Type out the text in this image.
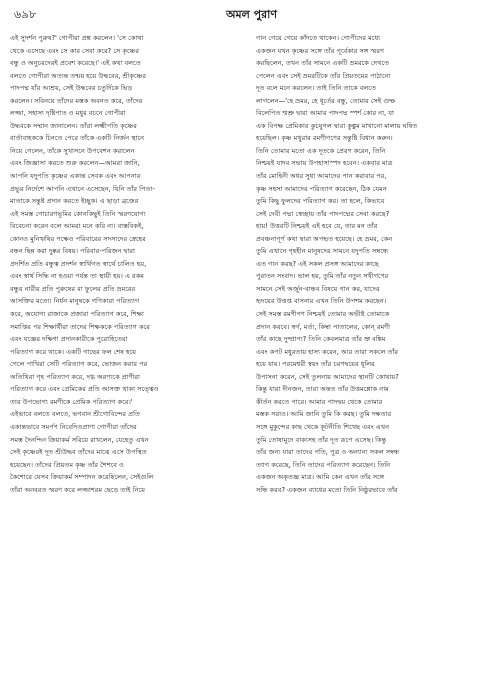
৬৯৮	অমল পুরাণ
এই সুদর্শন পুরুষ?' গোপীরা প্রশ্ন করলেন। 'সে কোথা
থেকে এসেছে এবং সে কার সেবা করে? সে কৃষ্ণের
বন্ধু ও অনুচরদেরই প্রবেশ করেছে।' এই কথা বলতে
বলতে গোপীরা অত্যন্ত তন্ময় হয়ে উদ্ধবের, শ্রীকৃষ্ণের
পাদপদ্ম যাঁর আশ্রয়, সেই উদ্ধবের চতুর্দিকে ভিড়
করলেন। সবিনয়ে তাঁদের মস্তক অবনত করে, তাঁদের
লজ্জা, সহাস্য দৃষ্টিপাত ও মধুর বচনে গোপীরা
উদ্ধবকে সম্মান জানালেন। তাঁরা লক্ষ্মীপতি কৃষ্ণের
বার্তাবাহককে চিনতে পেরে তাঁকে একটি নির্জন স্থানে
নিয়ে গেলেন, তাঁকে সুখাসনে উপবেশন করালেন
এবং জিজ্ঞাসা করতে শুরু করলেন—আমরা জানি,
আপনি যদুপতি কৃষ্ণের একান্ত সেবক এবং আপনার
প্রভুর নির্দেশে আপনি এখানে এসেছেন, যিনি তাঁর পিতা-
মাতাকে সন্তুষ্ট প্রদান করতে ইচ্ছুক। এ ছাড়া ব্রজের
এই সমস্ত গোচারণভূমির কোনকিছুই তিনি স্মরণযোগ্য
বিবেচনা করেন বলে আমরা মনে করি না। বাস্তবিকই,
কোনও মুনিঋষির পক্ষেও পরিবারের সদস্যদের স্নেহের
বন্ধন ছিন্ন করা দুষ্কর বিষয়। পরিবার-পরিজন দ্বারা
প্রদর্শিত প্রতি বন্ধুত্ব প্রদর্শন স্বার্থিগত স্বার্থে চালিত হয়,
এবং স্বার্থ সিদ্ধি না হওয়া পর্যন্ত তা স্থায়ী হয়। এ রকম
বন্ধুর নারীর প্রতি পুরুষের বা ফুলের প্রতি ভ্রমরের
আসক্তির মতো। নির্ধন মানুষকে গণিকারা পরিত্যাগ
করে, অযোগ্য রাজাকে প্রজারা পরিত্যাগ করে, শিক্ষা
সমাপ্তির পর শিক্ষার্থীরা তাদের শিক্ষককে পরিত্যাগ করে
এবং যজ্ঞের দক্ষিণা প্রদানকারীকে পুরোহিতেরা
পরিত্যাগ করে থাকে। একটি গাছের ফল শেষ হয়ে
গেলে পাখিরা সেটি পরিত্যাগ করে, ভোজন করার পর
অতিথিরা গৃহ পরিত্যাগ করে, দগ্ধ অরণ্যকে প্রাণীরা
পরিত্যাগ করে এবং প্রেমিকের প্রতি আসক্ত থাকা সত্ত্বেও
তার উপভোগ্য রমণীকে প্রেমিক পরিত্যাগ করে।'
এইভাবে বলতে বলতে, ভগবান শ্রীগোবিন্দের প্রতি
একান্তভাবে সমর্পণ নিবেদিতপ্রাণা গোপীরা তাঁদের
সমস্ত দৈনন্দিন ক্রিয়াকর্ম সরিয়ে রাখলেন, যেহেতু এখন
সেই কৃষ্ণেরই দূত শ্রীউদ্ধব তাঁদের মাঝে এসে উপস্থিত
হয়েছেন। তাঁদের প্রিয়তম কৃষ্ণ তাঁর শৈশবে ও
কৈশোরে যেসব ক্রিয়াকর্ম সম্পাদন করেছিলেন, সেইগুলি
তাঁরা অনবরত স্মরণ করে লজ্জাশরম ছেড়ে তাই নিয়ে
গান গেয়ে গেয়ে কাঁদতে থাকেন। গোপীদের মধ্যে
একজন যখন কৃষ্ণের সঙ্গে তাঁর পূর্বেকার সঙ্গ স্মরণ
করছিলেন, তখন তাঁর সামনে একটি ভ্রমরকে দেখতে
পেলেন এবং সেই ভ্রমরটিকে তাঁর প্রিয়তমের পাঠানো
দূত বলে মনে করলেন। তাই তিনি তাকে বলতে
লাগলেন—'হে ভ্রমর, হে ধূর্তের বন্ধু, তোমার সেই গুম্ফ
বিলেপিত শ্মশ্রু দ্বারা আমার পাদপদ্ম স্পর্শ কোর না, যা
এক বিপক্ষ প্রেমিকার কুচযুগল দ্বারা কুঙ্কুম মাখানো মালায় ঘষিত
হয়েছিল। কৃষ্ণ মথুরার রমণীগণের সন্তুষ্টি বিধান করুন।
তিনি তোমার মতো এক দূতকে প্রেরণ করেন, তিনি
নিশ্চয়ই যাদব সভায় উপহাসাস্পদ হবেন। একবার মাত্র
তাঁর মোহিনী অধর সুধা আমাদের পান করাবার পর,
কৃষ্ণ সহসা আমাদের পরিত্যাগ করেছেন, ঠিক যেমন
তুমি কিছু ফুলদের পরিত্যাগ কর। তা হলে, কিভাবে
সেই দেবী পদ্মা স্বেচ্ছায় তাঁর পাদপদ্মের সেবা করছে?
হায়! উত্তরটি নিশ্চয়ই এই হবে যে, তার মন তাঁর
প্রবঞ্চনাপূর্ণ কথা দ্বারা অপহৃত হয়েছে। হে ভ্রমর, কেন
তুমি এখানে গৃহহীন মানুষদের সামনে যদুপতি সম্বন্ধে
এত গান করছ? এই সকল প্রসঙ্গ আমাদের কাছে
পুরাতন সংবাদ। ভাল হয়, তুমি তাঁর নতুন সখীগণের
সামনে সেই অর্জুন-বান্ধব বিষয়ে গান কর, যাদের
হৃদয়ের উত্তপ্ত বাসনার এখন তিনি উপশম করছেন।
সেই সমস্ত রমণীগণ নিশ্চয়ই তোমার অভীষ্ট তোমাকে
প্রদান করবে। স্বর্গ, মর্ত্য, কিম্বা পাতালের, কোন্‌ রমণী
তাঁর কাছে দুষ্প্রাপ্য? তিনি কেবলমাত্র তাঁর ভ্রু বঙ্কিম
এবং কপট মধুরতায় হাস্য করেন, আর তারা সকলে তাঁর
হয়ে যায়। পরমেশ্বরী স্বয়ং তাঁর চরণদ্বয়ের ধূলির
উপাসনা করেন, সেই তুলনায় আমাদের স্থানটি কোথায়?
কিন্তু যারা দীনজন, তারা অন্তত তাঁর উত্তমশ্লোক নাম
কীর্তন করতে পারে। আমার পাদদ্বয় থেকে তোমার
মস্তক সরাও। আমি জানি তুমি কি করছ। তুমি দক্ষতার
সঙ্গে মুকুন্দের কাছ থেকে কূটনীতি শিখেছ এবং এখন
তুমি তোষামুদে বাক্যসহ তাঁর দূত রূপে এসেছ। কিন্তু
তাঁর জন্য যারা তাদের পতি, পুত্র ও অন্যান্য সকল সম্বন্ধ
ত্যাগ করেছে, তিনি তাদের পরিত্যাগ করেছেন। তিনি
একজন অকৃতজ্ঞ মাত্র। আমি কেন এখন তাঁর সঙ্গে
সন্ধি করব? একজন ব্যাধের মতো তিনি নিষ্ঠুরভাবে তাঁর
